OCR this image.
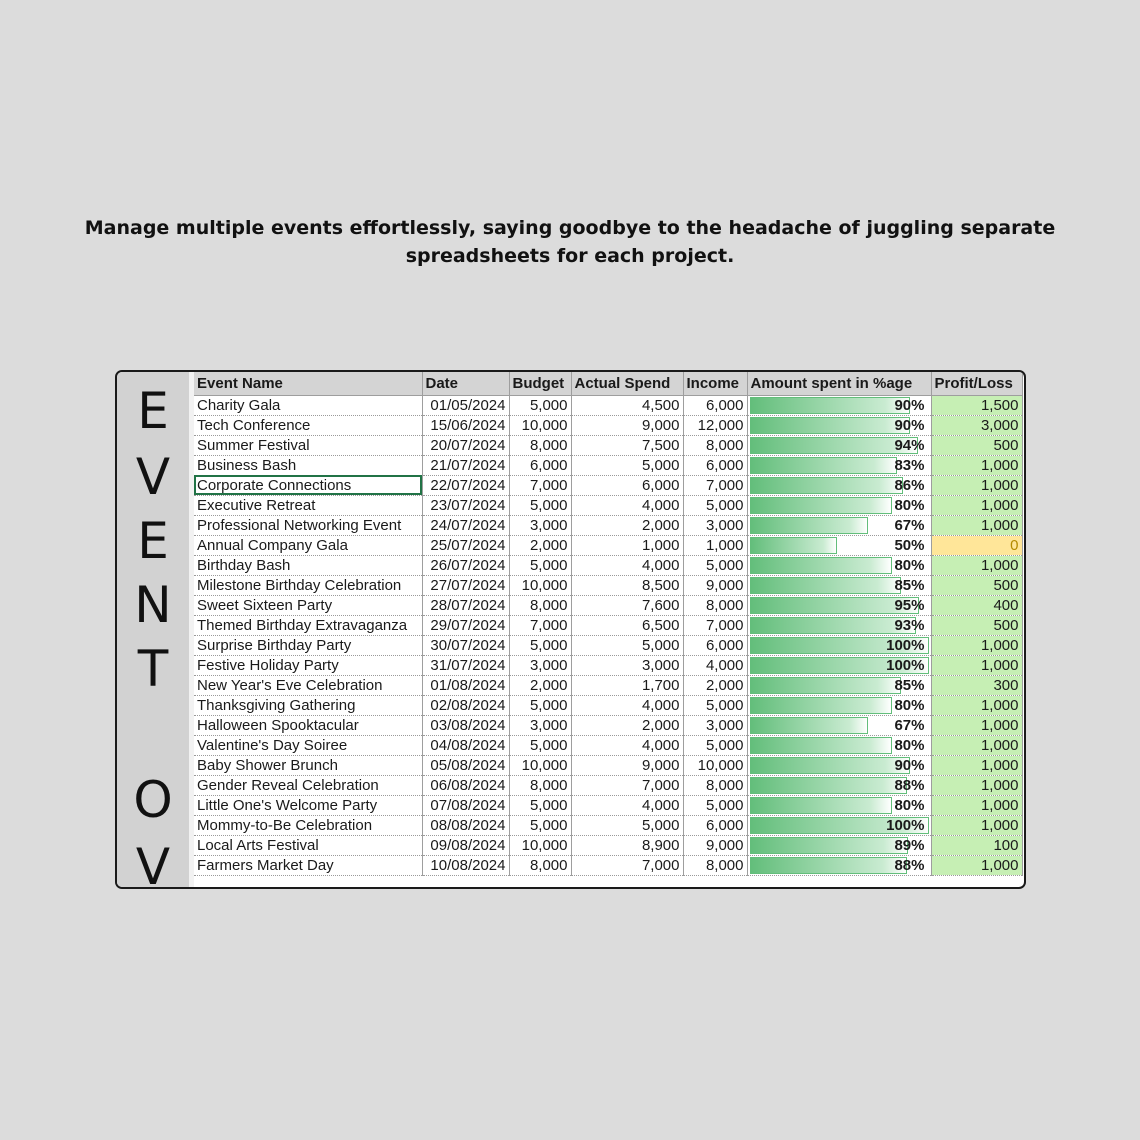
Manage multiple events effortlessly, saying goodbye to the headache of juggling separate spreadsheets for each project.

E
V
E
N
T
O
V
Event Name	Date	Budget	Actual Spend	Income	Amount spent in %age	Profit/Loss
Charity Gala	01/05/2024	5,000	4,500	6,000	90%	1,500
Tech Conference	15/06/2024	10,000	9,000	12,000	90%	3,000
Summer Festival	20/07/2024	8,000	7,500	8,000	94%	500
Business Bash	21/07/2024	6,000	5,000	6,000	83%	1,000
Corporate Connections	22/07/2024	7,000	6,000	7,000	86%	1,000
Executive Retreat	23/07/2024	5,000	4,000	5,000	80%	1,000
Professional Networking Event	24/07/2024	3,000	2,000	3,000	67%	1,000
Annual Company Gala	25/07/2024	2,000	1,000	1,000	50%	0
Birthday Bash	26/07/2024	5,000	4,000	5,000	80%	1,000
Milestone Birthday Celebration	27/07/2024	10,000	8,500	9,000	85%	500
Sweet Sixteen Party	28/07/2024	8,000	7,600	8,000	95%	400
Themed Birthday Extravaganza	29/07/2024	7,000	6,500	7,000	93%	500
Surprise Birthday Party	30/07/2024	5,000	5,000	6,000	100%	1,000
Festive Holiday Party	31/07/2024	3,000	3,000	4,000	100%	1,000
New Year's Eve Celebration	01/08/2024	2,000	1,700	2,000	85%	300
Thanksgiving Gathering	02/08/2024	5,000	4,000	5,000	80%	1,000
Halloween Spooktacular	03/08/2024	3,000	2,000	3,000	67%	1,000
Valentine's Day Soiree	04/08/2024	5,000	4,000	5,000	80%	1,000
Baby Shower Brunch	05/08/2024	10,000	9,000	10,000	90%	1,000
Gender Reveal Celebration	06/08/2024	8,000	7,000	8,000	88%	1,000
Little One's Welcome Party	07/08/2024	5,000	4,000	5,000	80%	1,000
Mommy-to-Be Celebration	08/08/2024	5,000	5,000	6,000	100%	1,000
Local Arts Festival	09/08/2024	10,000	8,900	9,000	89%	100
Farmers Market Day	10/08/2024	8,000	7,000	8,000	88%	1,000
